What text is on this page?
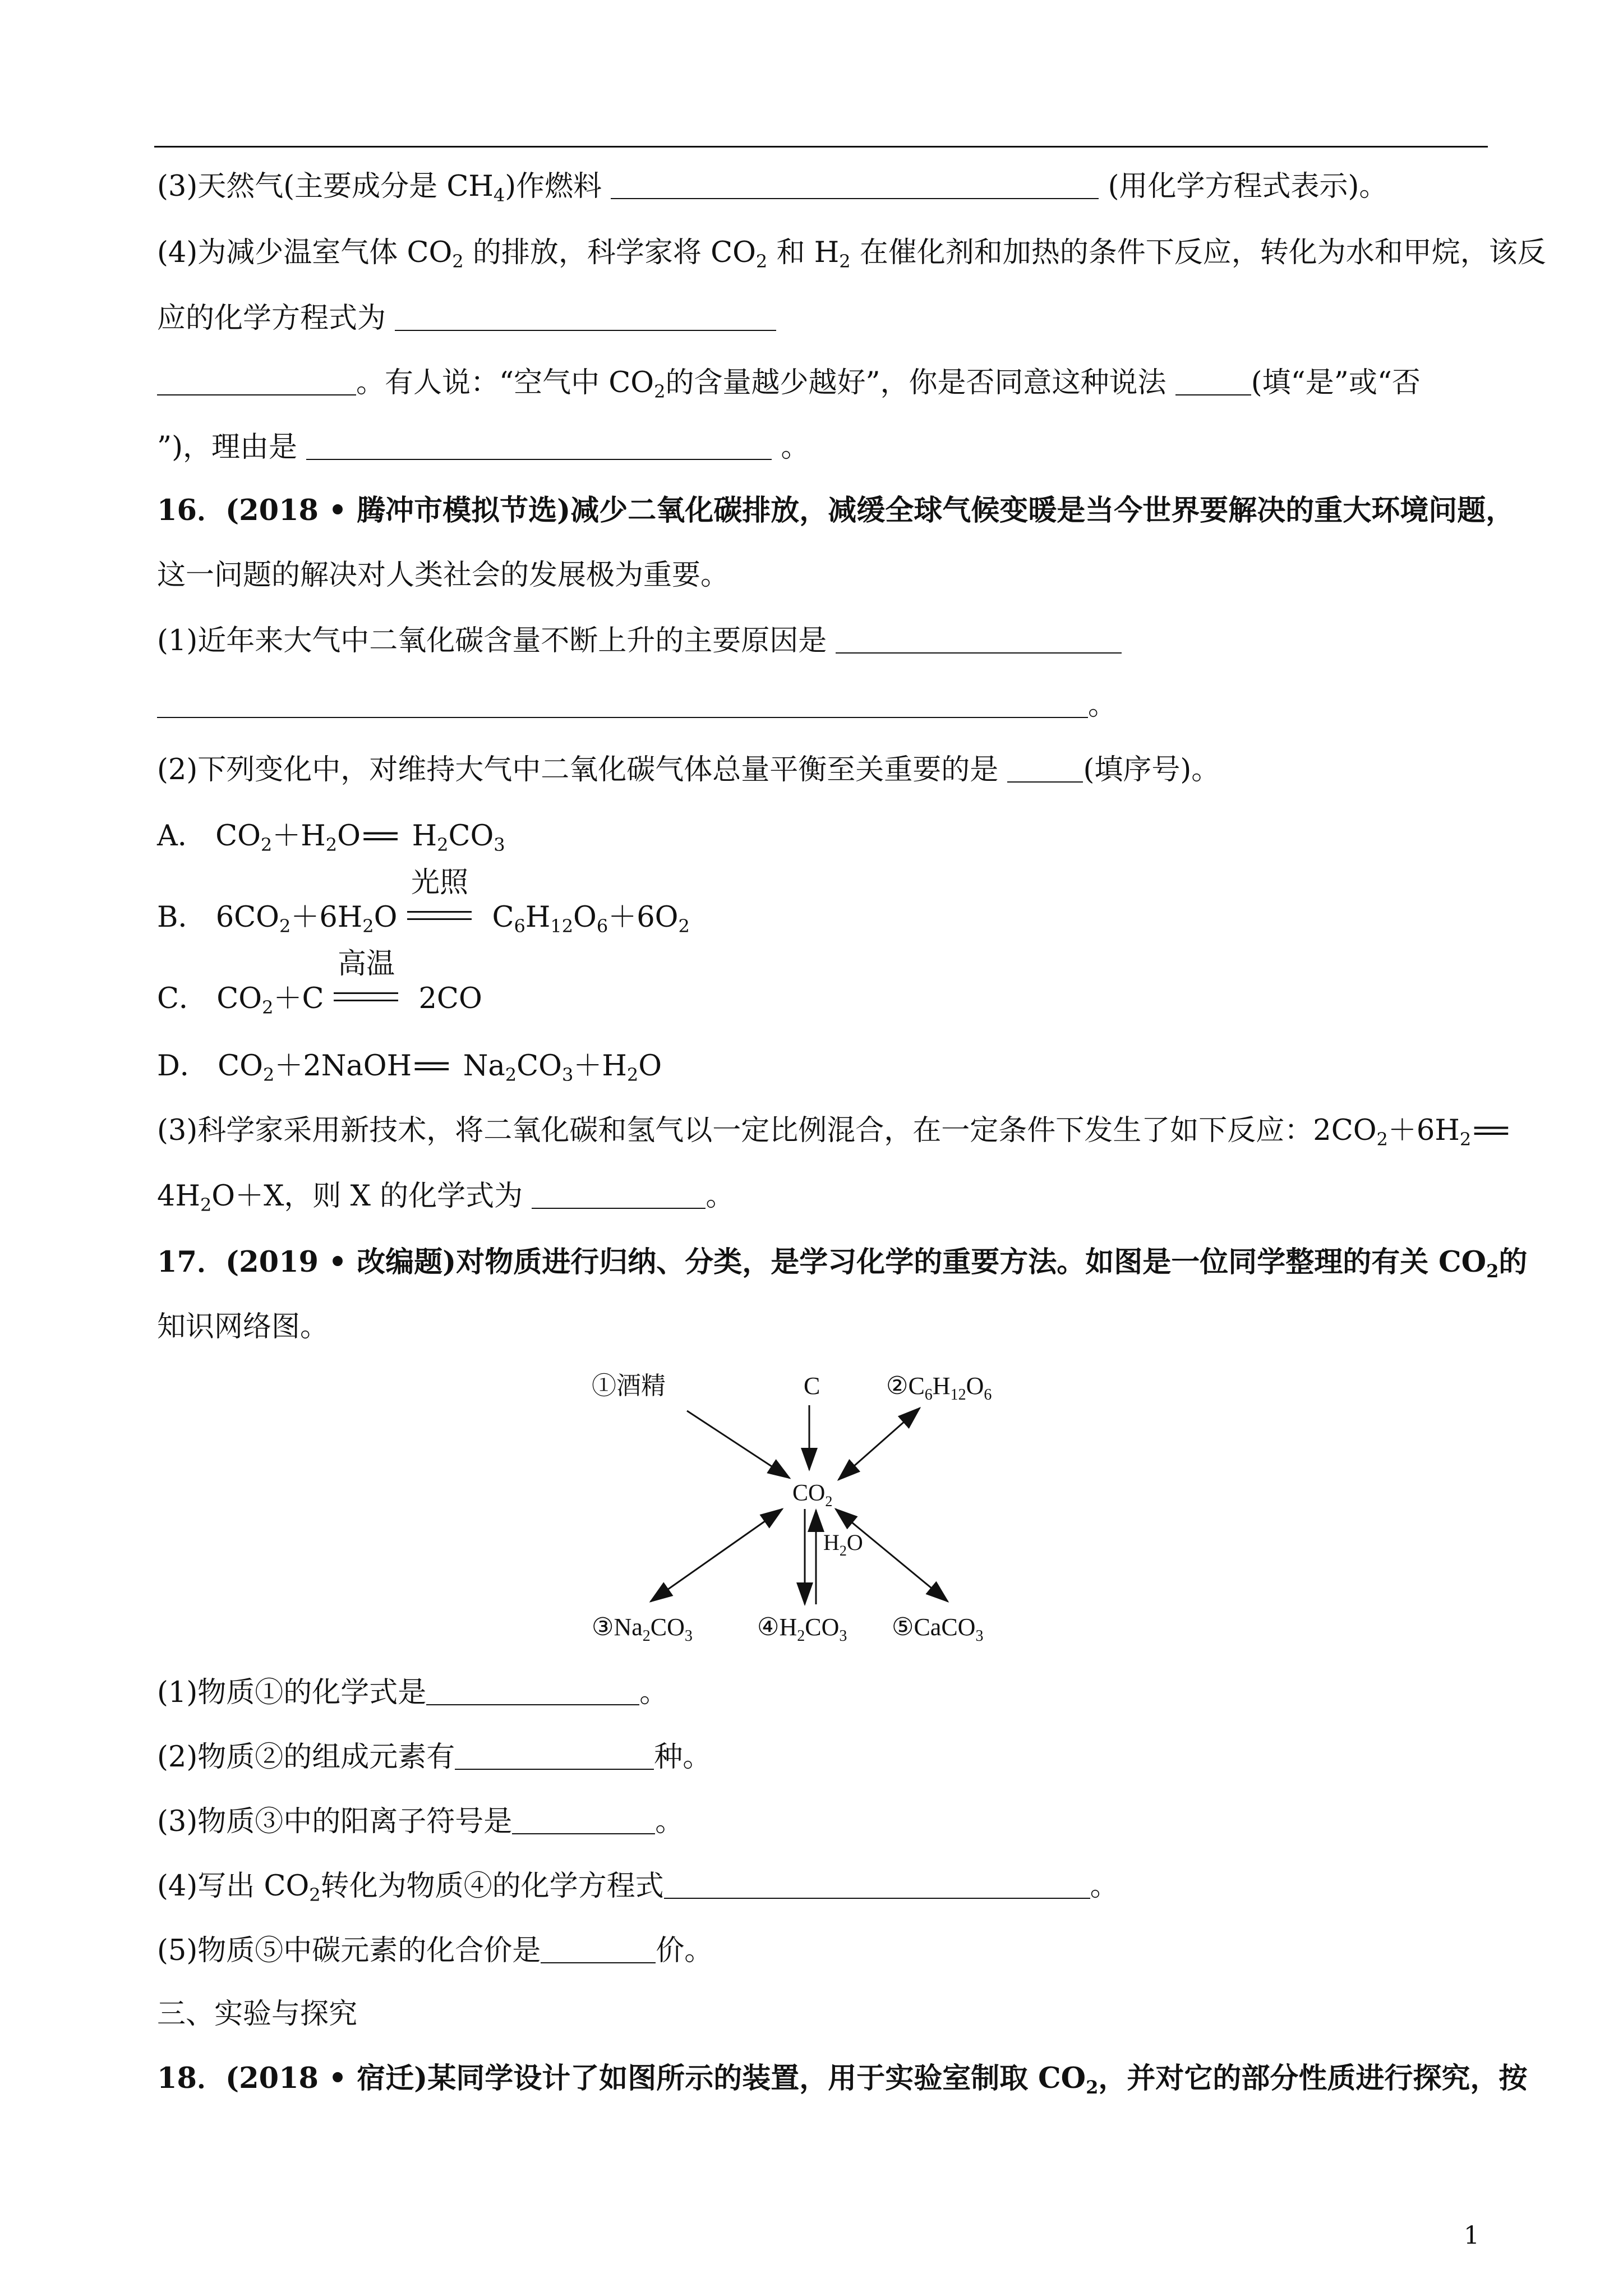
(3)天然气(主要成分是 $CH_4$)作燃料	(用化学方程式表示)。
(4)为减少温室气体 $CO_2$ 的排放，科学家将 $CO_2$ 和 $H_2$ 在催化剂和加热的条件下反应，转化为水和甲烷，该反
应的化学方程式为
。有人说：“空气中 $CO_2$的含量越少越好”，你是否同意这种说法	(填“是”或“否
”)，理由是	。
16．(2018 • 腾冲市模拟节选)减少二氧化碳排放，减缓全球气候变暖是当今世界要解决的重大环境问题，
这一问题的解决对人类社会的发展极为重要。
(1)近年来大气中二氧化碳含量不断上升的主要原因是
。
(2)下列变化中，对维持大气中二氧化碳气体总量平衡至关重要的是	(填序号)。
A． $CO_2+H_2O== H_2CO_3$
B． $6CO_2+6H_2O$
光照
$C_6H_{12}O_6+6O_2$
C． $CO_2+C$
高温
2CO
D． $CO_2+2NaOH== Na_2CO_3+H_2O$
(3)科学家采用新技术，将二氧化碳和氢气以一定比例混合，在一定条件下发生了如下反应：$2CO_2+6H_2==$
$4H_2O+X$，则 X 的化学式为	。
17．(2019 • 改编题)对物质进行归纳、分类，是学习化学的重要方法。如图是一位同学整理的有关 $CO_2$的
知识网络图。
①酒精	C	$②C_6H_{12}O_6$
$CO_2$
$H_2O$
$③Na_2CO_3$	$④H_2CO_3$ ⑤CaCO$_3$
(1)物质①的化学式是	。
(2)物质②的组成元素有	种。
(3)物质③中的阳离子符号是	。
(4)写出 $CO_2$转化为物质④的化学方程式	。
(5)物质⑤中碳元素的化合价是	价。
三、实验与探究
18．(2018 • 宿迁)某同学设计了如图所示的装置，用于实验室制取 $CO_2$，并对它的部分性质进行探究，按
1
